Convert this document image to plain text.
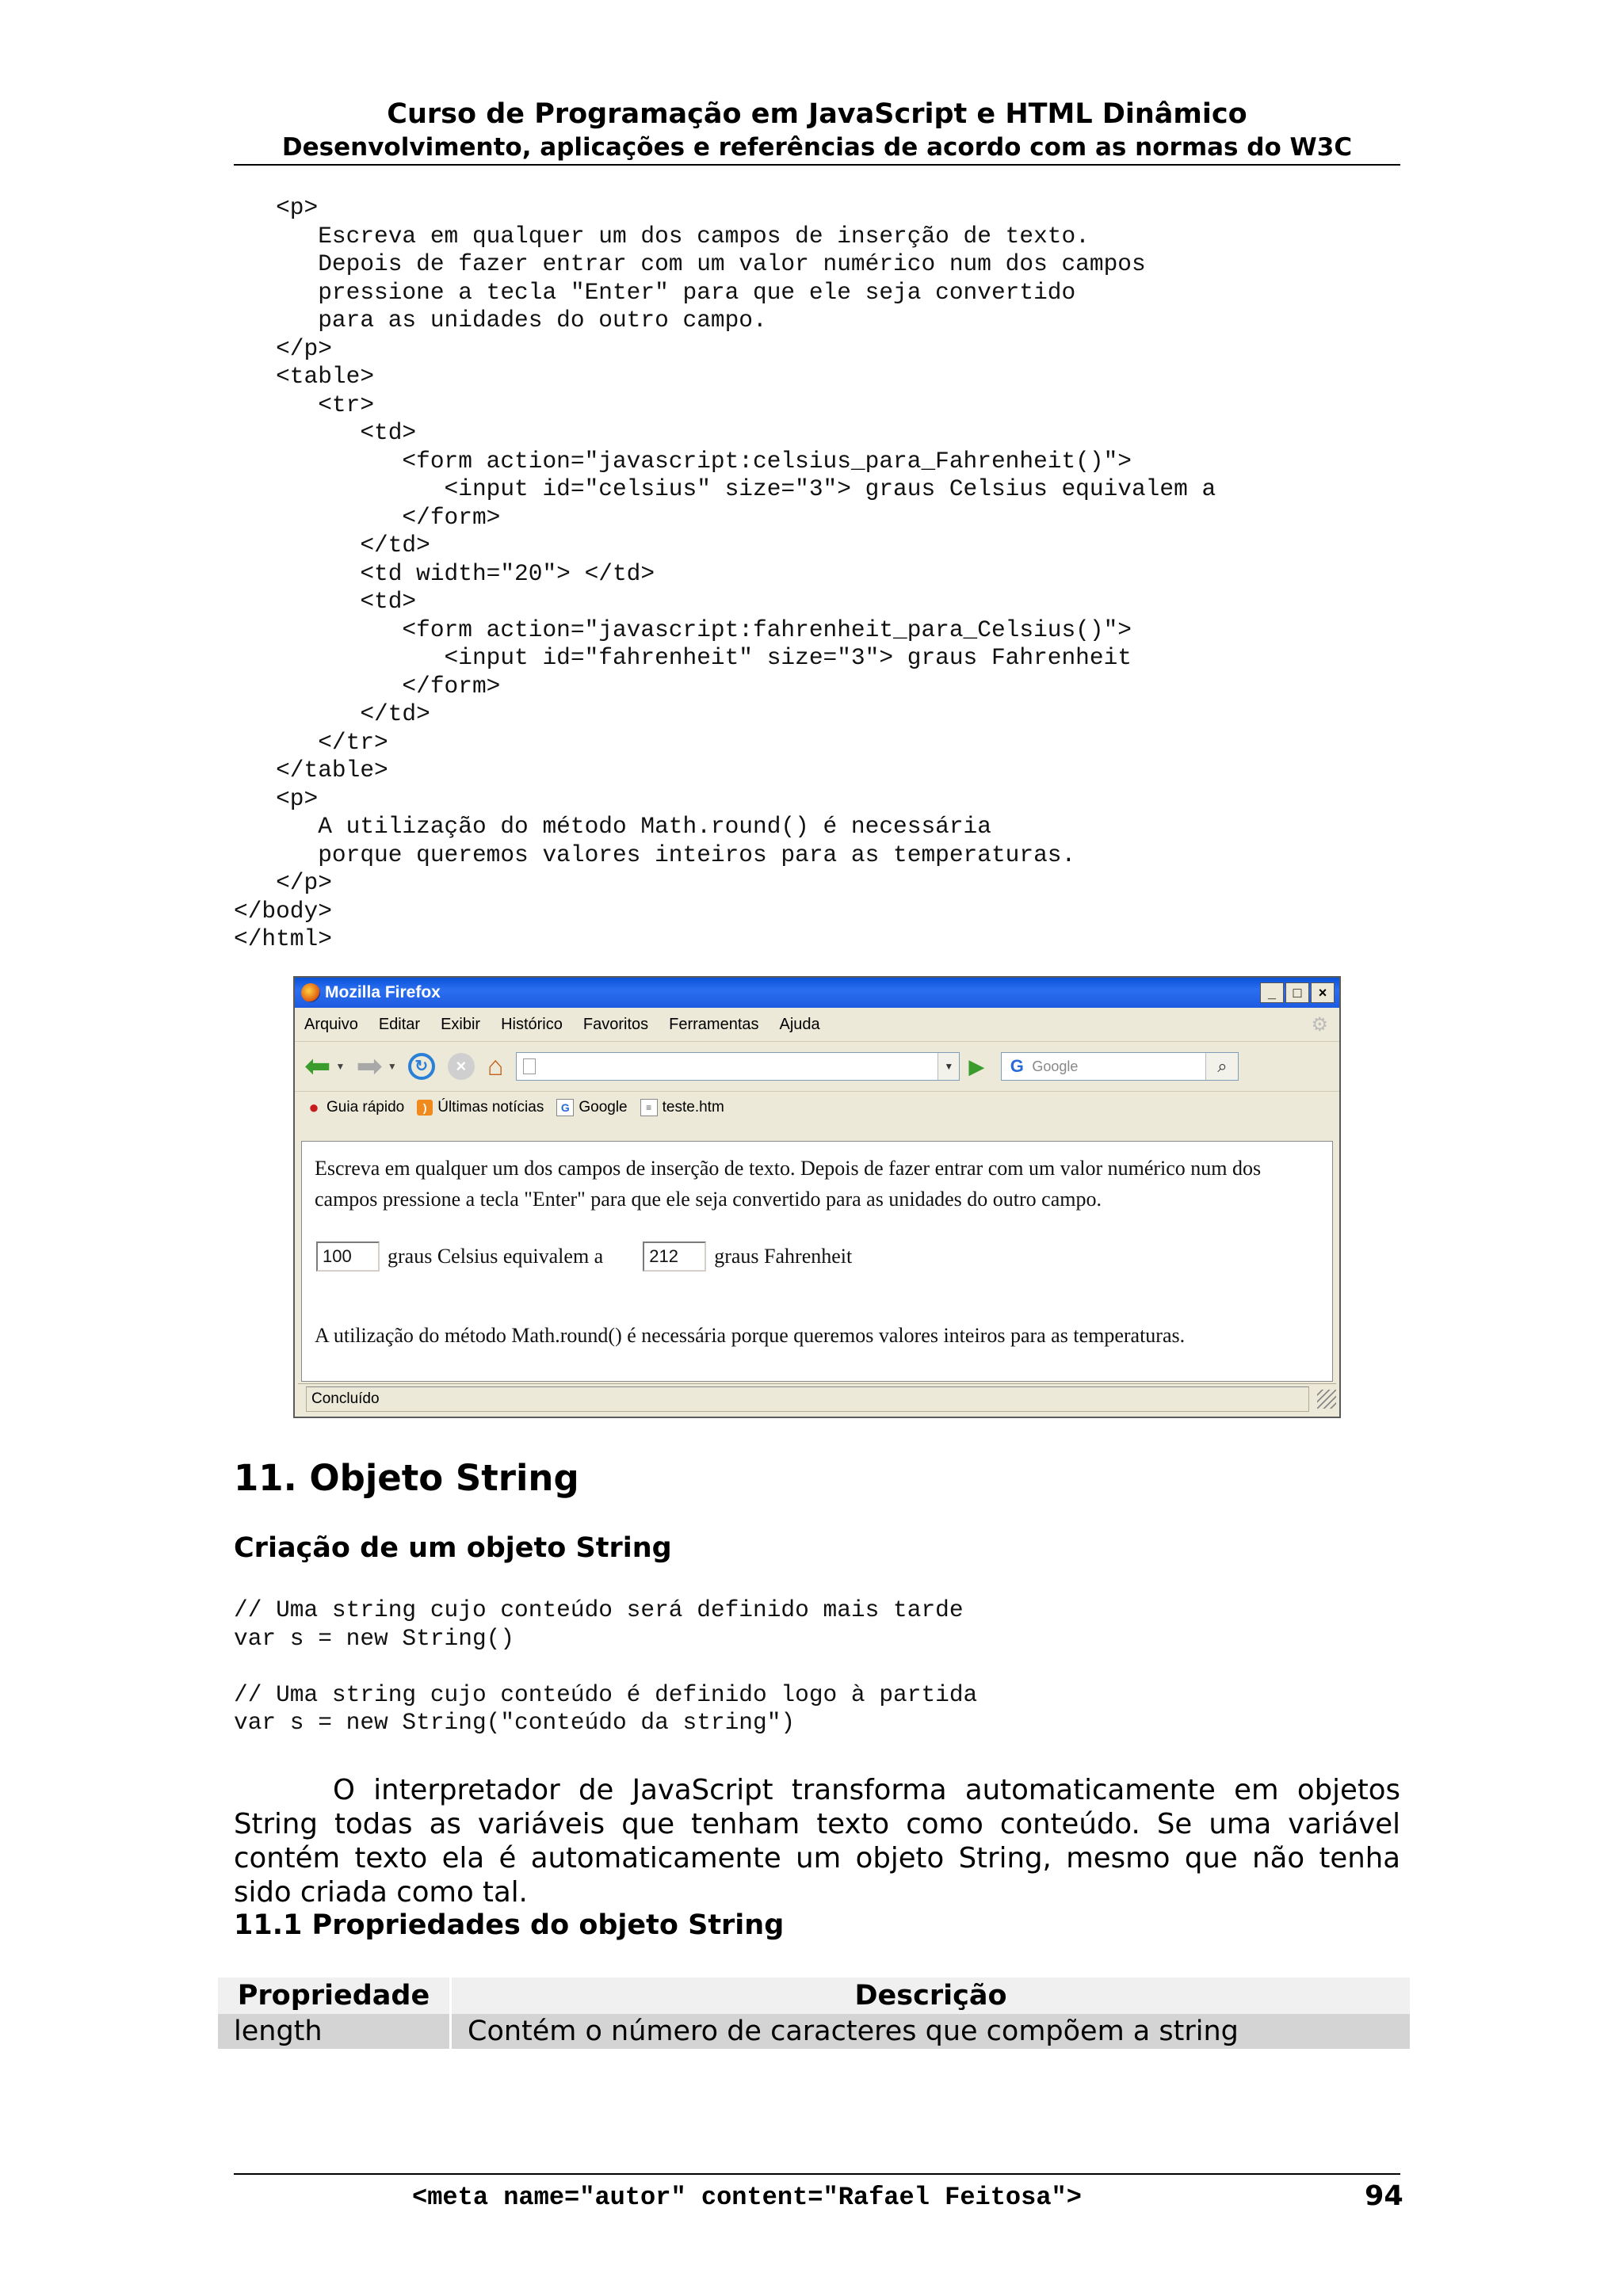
Curso de Programação em JavaScript e HTML Dinâmico
Desenvolvimento, aplicações e referências de acordo com as normas do W3C
<p>
Escreva em qualquer um dos campos de inserção de texto.
Depois de fazer entrar com um valor numérico num dos campos
pressione a tecla "Enter" para que ele seja convertido
para as unidades do outro campo.
</p>
<table>
<tr>
<td>
<form action="javascript:celsius_para_Fahrenheit()">
<input id="celsius" size="3"> graus Celsius equivalem a
</form>
</td>
<td width="20"> </td>
<td>
<form action="javascript:fahrenheit_para_Celsius()">
<input id="fahrenheit" size="3"> graus Fahrenheit
</form>
</td>
</tr>
</table>
<p>
A utilização do método Math.round() é necessária
porque queremos valores inteiros para as temperaturas.
</p>
</body>
</html>
Mozilla Firefox	_	□	×
Arquivo Editar Exibir Histórico Favoritos Ferramentas Ajuda	⚙
⬅ ▼ ➡ ▼	↻	× ⌂	▼ ▶	G Google	⌕
● Guia rápido	) Últimas notícias	G Google	≡ teste.htm
Escreva em qualquer um dos campos de inserção de texto. Depois de fazer entrar com um valor numérico num dos campos pressione a tecla "Enter" para que ele seja convertido para as unidades do outro campo.
100	graus Celsius equivalem a	212	graus Fahrenheit
A utilização do método Math.round() é necessária porque queremos valores inteiros para as temperaturas.
Concluído
11. Objeto String
Criação de um objeto String
// Uma string cujo conteúdo será definido mais tarde
var s = new String()

// Uma string cujo conteúdo é definido logo à partida
var s = new String("conteúdo da string")
O interpretador de JavaScript transforma automaticamente em objetos String todas as variáveis que tenham texto como conteúdo. Se uma variável contém texto ela é automaticamente um objeto String, mesmo que não tenha sido criada como tal.
11.1 Propriedades do objeto String
Propriedade	Descrição
length	Contém o número de caracteres que compõem a string
<meta name="autor" content="Rafael Feitosa">	94
